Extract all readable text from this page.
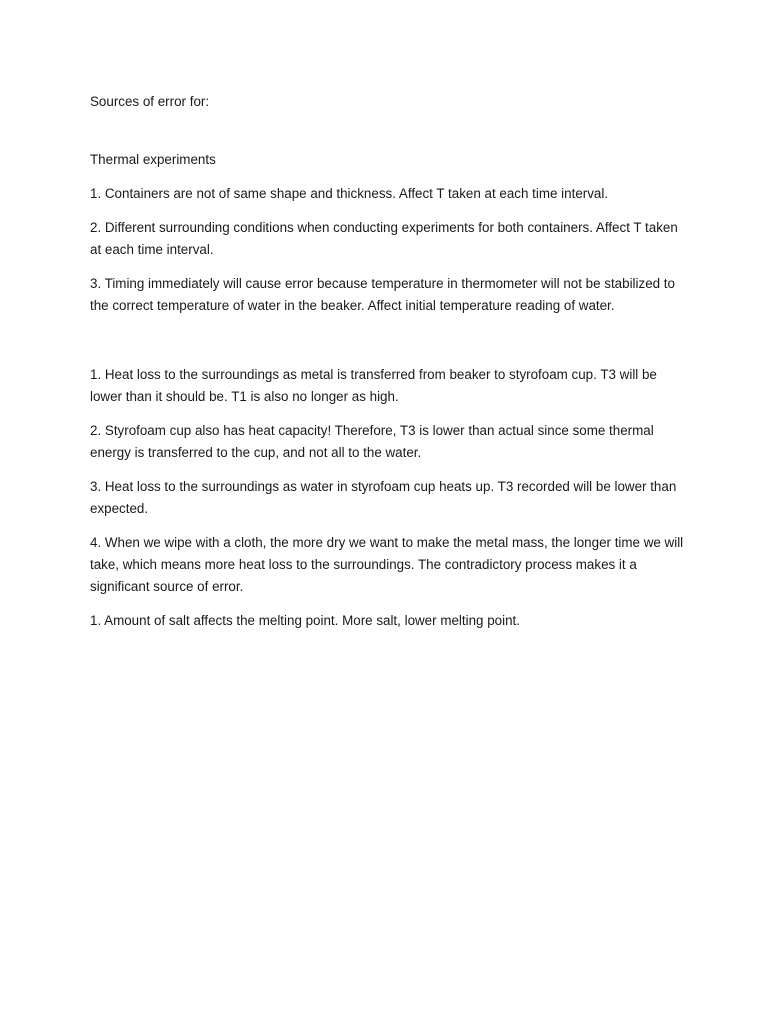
Sources of error for:

Thermal experiments

1. Containers are not of same shape and thickness. Affect T taken at each time interval.

2. Different surrounding conditions when conducting experiments for both containers. Affect T taken at each time interval.

3. Timing immediately will cause error because temperature in thermometer will not be stabilized to the correct temperature of water in the beaker. Affect initial temperature reading of water.

1. Heat loss to the surroundings as metal is transferred from beaker to styrofoam cup. T3 will be lower than it should be. T1 is also no longer as high.

2. Styrofoam cup also has heat capacity! Therefore, T3 is lower than actual since some thermal energy is transferred to the cup, and not all to the water.

3. Heat loss to the surroundings as water in styrofoam cup heats up. T3 recorded will be lower than expected.

4. When we wipe with a cloth, the more dry we want to make the metal mass, the longer time we will take, which means more heat loss to the surroundings. The contradictory process makes it a significant source of error.

1. Amount of salt affects the melting point. More salt, lower melting point.
